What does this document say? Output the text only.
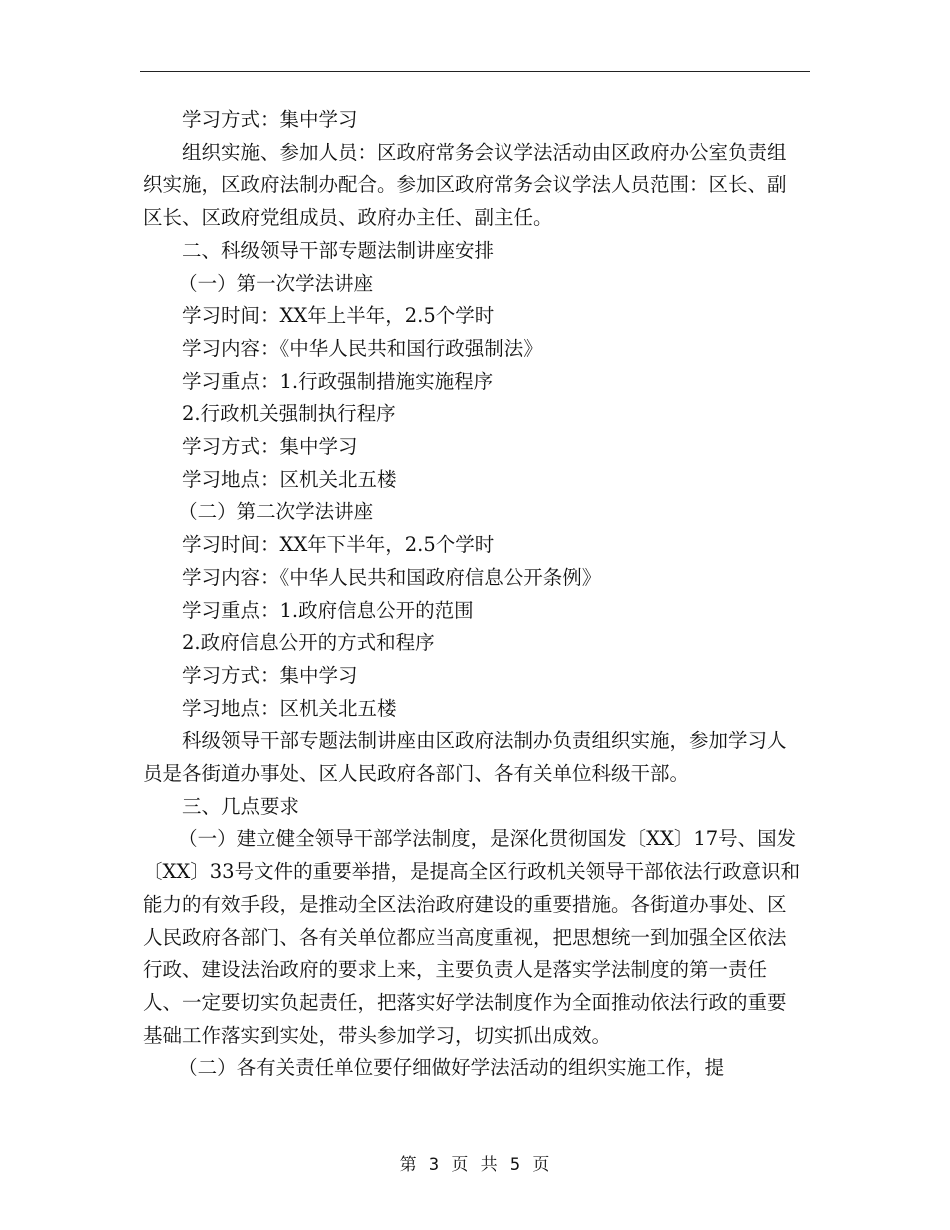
学习方式：集中学习

组织实施、参加人员：区政府常务会议学法活动由区政府办公室负责组织实施，区政府法制办配合。参加区政府常务会议学法人员范围：区长、副区长、区政府党组成员、政府办主任、副主任。

二、科级领导干部专题法制讲座安排

（一）第一次学法讲座

学习时间：XX年上半年，2.5个学时

学习内容：《中华人民共和国行政强制法》

学习重点：1.行政强制措施实施程序

2.行政机关强制执行程序

学习方式：集中学习

学习地点：区机关北五楼

（二）第二次学法讲座

学习时间：XX年下半年，2.5个学时

学习内容：《中华人民共和国政府信息公开条例》

学习重点：1.政府信息公开的范围

2.政府信息公开的方式和程序

学习方式：集中学习

学习地点：区机关北五楼

科级领导干部专题法制讲座由区政府法制办负责组织实施，参加学习人员是各街道办事处、区人民政府各部门、各有关单位科级干部。

三、几点要求

（一）建立健全领导干部学法制度，是深化贯彻国发〔XX〕17号、国发〔XX〕33号文件的重要举措，是提高全区行政机关领导干部依法行政意识和能力的有效手段，是推动全区法治政府建设的重要措施。各街道办事处、区人民政府各部门、各有关单位都应当高度重视，把思想统一到加强全区依法行政、建设法治政府的要求上来，主要负责人是落实学法制度的第一责任人、一定要切实负起责任，把落实好学法制度作为全面推动依法行政的重要基础工作落实到实处，带头参加学习，切实抓出成效。

（二）各有关责任单位要仔细做好学法活动的组织实施工作，提

第 3 页 共 5 页
